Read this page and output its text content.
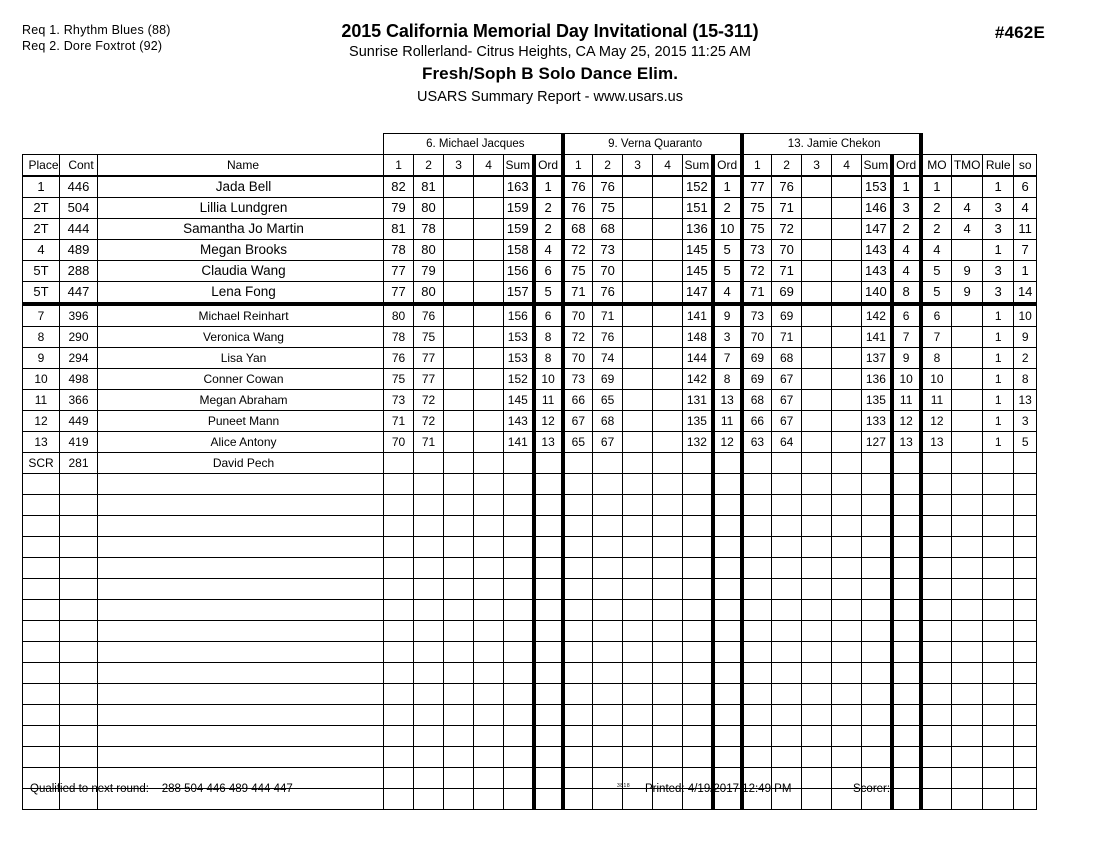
Req 1. Rhythm Blues (88)
Req 2. Dore Foxtrot (92)
2015 California Memorial Day Invitational (15-311)
Sunrise Rollerland- Citrus Heights, CA May 25, 2015 11:25 AM
Fresh/Soph B Solo Dance Elim.
USARS Summary Report - www.usars.us
#462E
			6. Michael Jacques						9. Verna Quaranto						13. Jamie Chekon									
Place	Cont	Name	1	2	3	4	Sum	Ord	1	2	3	4	Sum	Ord	1	2	3	4	Sum	Ord	MO	TMO	Rule	so
1	446	Jada Bell	82	81			163	1	76	76			152	1	77	76			153	1	1		1	6
2T	504	Lillia Lundgren	79	80			159	2	76	75			151	2	75	71			146	3	2	4	3	4
2T	444	Samantha Jo Martin	81	78			159	2	68	68			136	10	75	72			147	2	2	4	3	11
4	489	Megan Brooks	78	80			158	4	72	73			145	5	73	70			143	4	4		1	7
5T	288	Claudia Wang	77	79			156	6	75	70			145	5	72	71			143	4	5	9	3	1
5T	447	Lena Fong	77	80			157	5	71	76			147	4	71	69			140	8	5	9	3	14
7	396	Michael Reinhart	80	76			156	6	70	71			141	9	73	69			142	6	6		1	10
8	290	Veronica Wang	78	75			153	8	72	76			148	3	70	71			141	7	7		1	9
9	294	Lisa Yan	76	77			153	8	70	74			144	7	69	68			137	9	8		1	2
10	498	Conner Cowan	75	77			152	10	73	69			142	8	69	67			136	10	10		1	8
11	366	Megan Abraham	73	72			145	11	66	65			131	13	68	67			135	11	11		1	13
12	449	Puneet Mann	71	72			143	12	67	68			135	11	66	67			133	12	12		1	3
13	419	Alice Antony	70	71			141	13	65	67			132	12	63	64			127	13	13		1	5
SCR	281	David Pech																						

Qualified to next round: 288 504 446 489 444 447	3818 Printed: 4/19/2017 12:49 PM	Scorer:
